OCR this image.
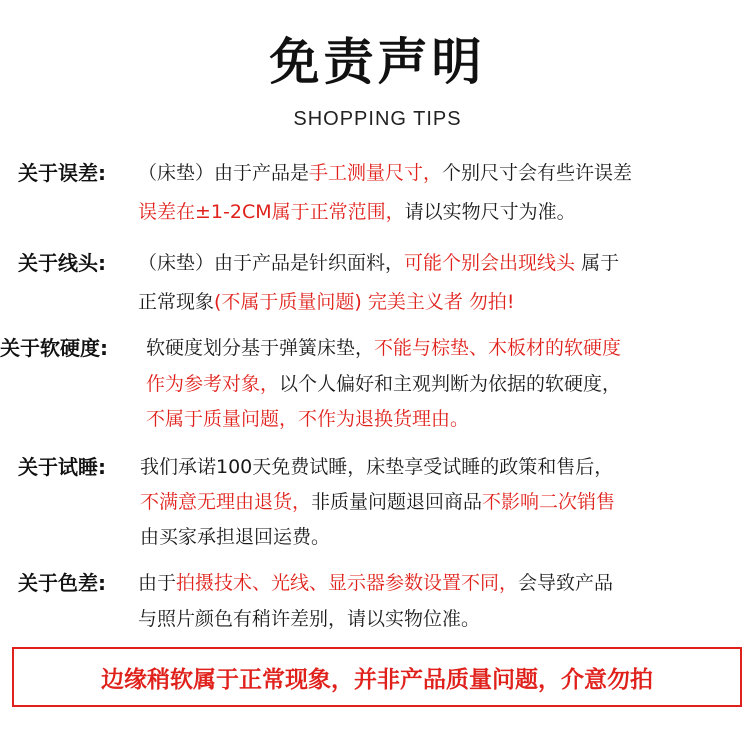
免责声明
SHOPPING TIPS
关于误差: （床垫）由于产品是手工测量尺寸，个别尺寸会有些许误差
误差在±1-2CM属于正常范围，请以实物尺寸为准。
关于线头: （床垫）由于产品是针织面料，可能个别会出现线头 属于
正常现象(不属于质量问题) 完美主义者 勿拍!
关于软硬度: 软硬度划分基于弹簧床垫，不能与棕垫、木板材的软硬度
作为参考对象，以个人偏好和主观判断为依据的软硬度，
不属于质量问题，不作为退换货理由。
关于试睡: 我们承诺100天免费试睡，床垫享受试睡的政策和售后，
不满意无理由退货，非质量问题退回商品不影响二次销售
由买家承担退回运费。
关于色差: 由于拍摄技术、光线、显示器参数设置不同，会导致产品
与照片颜色有稍许差别，请以实物位准。
边缘稍软属于正常现象，并非产品质量问题，介意勿拍
